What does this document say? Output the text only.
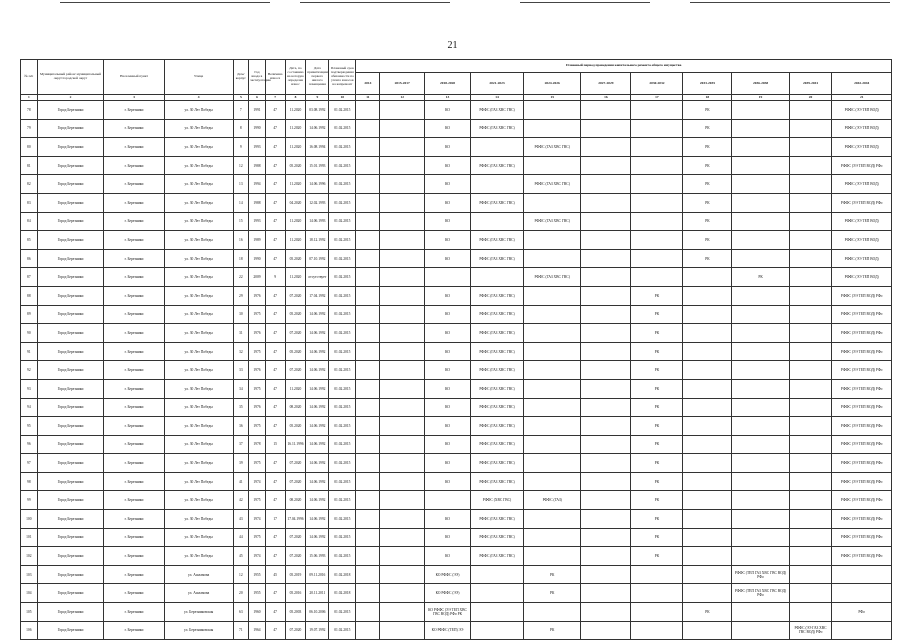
21
№ п/п	Муниципальный район/ муниципальный округ/городской округ	Населенный пункт	Улица	Дом/ корпус	Год ввода в эксплуатацию	Величина износа	Дата, по состоянию на которую определен износ	Дата приватизации первого жилого помещения	Плановый срок подтверждения обязанности по уплате взносов на капремонт	Плановый период проведения капитального ремонта общего имущества										
										2014	2015-2017	2018-2020	2021-2023	2024-2026	2027-2029	2030-2032	2033-2035	2036-2038	2039-2041	2042-2044
1	2	3	4	5	6	7	8	9	10	11	12	13	14	15	16	17	18	19	20	21
78	Город Березники	г. Березники	ул. 30 Лет Победы	7	1991	47	11.2020	03.08.1992	01.02.2015			КО	РФФС (ГАЗ ХВС ГВС)				РК			РФФС (ЭЭ ТЕП ВОД)
79	Город Березники	г. Березники	ул. 30 Лет Победы	8	1990	47	11.2020	14.06.1992	01.02.2015			КО	РФФС (ГАЗ ХВС ГВС)				РК			РФФС (ЭЭ ТЕП ВОД)
80	Город Березники	г. Березники	ул. 30 Лет Победы	9	1993	47	11.2020	16.08.1994	01.02.2015			КО		РФФС (ГАЗ ХВС ГВС)			РК			РФФС (ЭЭ ТЕП ВОД)
81	Город Березники	г. Березники	ул. 30 Лет Победы	12	1988	47	05.2020	15.01.1993	01.02.2015			КО	РФФС (ГАЗ ХВС ГВС)				РК			РФФС (ЭЭ ТЕП ВОД) РФо
82	Город Березники	г. Березники	ул. 30 Лет Победы	13	1994	47	11.2020	14.06.1996	01.02.2015			КО		РФФС (ГАЗ ХВС ГВС)			РК			РФФС (ЭЭ ТЕП ВОД)
83	Город Березники	г. Березники	ул. 30 Лет Победы	14	1988	47	04.2020	12.02.1993	01.02.2015			КО	РФФС (ГАЗ ХВС ГВС)				РК			РФФС (ЭЭ ТЕП ВОД) РФо
84	Город Березники	г. Березники	ул. 30 Лет Победы	15	1993	47	11.2020	14.06.1993	01.02.2015			КО		РФФС (ГАЗ ХВС ГВС)			РК			РФФС (ЭЭ ТЕП ВОД)
85	Город Березники	г. Березники	ул. 30 Лет Победы	16	1989	47	11.2020	18.12.1992	01.02.2015			КО	РФФС (ГАЗ ХВС ГВС)				РК			РФФС (ЭЭ ТЕП ВОД)
86	Город Березники	г. Березники	ул. 30 Лет Победы	18	1990	47	05.2020	07.10.1992	01.02.2015			КО	РФФС (ГАЗ ХВС ГВС)				РК			РФФС (ЭЭ ТЕП ВОД)
87	Город Березники	г. Березники	ул. 30 Лет Победы	22	2009	9	11.2020	отсутствует	01.02.2015					РФФС (ГАЗ ХВС ГВС)				РК		РФФС (ЭЭ ТЕП ВОД)
88	Город Березники	г. Березники	ул. 30 Лет Победы	29	1976	47	07.2020	17.04.1992	01.02.2015			КО	РФФС (ГАЗ ХВС ГВС)			РК				РФФС (ЭЭ ТЕП ВОД) РФо
89	Город Березники	г. Березники	ул. 30 Лет Победы	30	1975	47	05.2020	14.06.1992	01.02.2015			КО	РФФС (ГАЗ ХВС ГВС)			РК				РФФС (ЭЭ ТЕП ВОД) РФо
90	Город Березники	г. Березники	ул. 30 Лет Победы	31	1976	47	07.2020	14.06.1992	01.02.2015			КО	РФФС (ГАЗ ХВС ГВС)			РК				РФФС (ЭЭ ТЕП ВОД) РФо
91	Город Березники	г. Березники	ул. 30 Лет Победы	32	1975	47	05.2020	14.06.1992	01.02.2015			КО	РФФС (ГАЗ ХВС ГВС)			РК				РФФС (ЭЭ ТЕП ВОД) РФо
92	Город Березники	г. Березники	ул. 30 Лет Победы	33	1976	47	07.2020	14.06.1992	01.02.2015			КО	РФФС (ГАЗ ХВС ГВС)			РК				РФФС (ЭЭ ТЕП ВОД) РФо
93	Город Березники	г. Березники	ул. 30 Лет Победы	34	1975	47	11.2020	14.06.1992	01.02.2015			КО	РФФС (ГАЗ ХВС ГВС)			РК				РФФС (ЭЭ ТЕП ВОД) РФо
94	Город Березники	г. Березники	ул. 30 Лет Победы	35	1976	47	08.2020	14.06.1992	01.02.2015			КО	РФФС (ГАЗ ХВС ГВС)			РК				РФФС (ЭЭ ТЕП ВОД) РФо
95	Город Березники	г. Березники	ул. 30 Лет Победы	36	1975	47	05.2020	14.06.1992	01.02.2015			КО	РФФС (ГАЗ ХВС ГВС)			РК				РФФС (ЭЭ ТЕП ВОД) РФо
96	Город Березники	г. Березники	ул. 30 Лет Победы	37	1978	15	16.11.1996	14.06.1992	01.02.2015			КО	РФФС (ГАЗ ХВС ГВС)			РК				РФФС (ЭЭ ТЕП ВОД) РФо
97	Город Березники	г. Березники	ул. 30 Лет Победы	39	1975	47	07.2020	14.06.1992	01.02.2015			КО	РФФС (ГАЗ ХВС ГВС)			РК				РФФС (ЭЭ ТЕП ВОД) РФо
98	Город Березники	г. Березники	ул. 30 Лет Победы	41	1974	47	07.2020	14.06.1992	01.02.2015			КО	РФФС (ГАЗ ХВС ГВС)			РК				РФФС (ЭЭ ТЕП ВОД) РФо
99	Город Березники	г. Березники	ул. 30 Лет Победы	42	1975	47	08.2020	14.06.1992	01.02.2015				РФФС (ХВС ГВС)	РФФС (ГАЗ)		РК				РФФС (ЭЭ ТЕП ВОД) РФо
100	Город Березники	г. Березники	ул. 30 Лет Победы	43	1974	17	17.04.1996	14.06.1992	01.02.2015			КО	РФФС (ГАЗ ХВС ГВС)			РК				РФФС (ЭЭ ТЕП ВОД) РФо
101	Город Березники	г. Березники	ул. 30 Лет Победы	44	1975	47	07.2020	14.06.1992	01.02.2015			КО	РФФС (ГАЗ ХВС ГВС)			РК				РФФС (ЭЭ ТЕП ВОД) РФо
102	Город Березники	г. Березники	ул. 30 Лет Победы	45	1974	47	07.2020	15.06.1993	01.02.2015			КО	РФФС (ГАЗ ХВС ГВС)			РК				РФФС (ЭЭ ТЕП ВОД) РФо
103	Город Березники	г. Березники	ул. Ашламова	12	1955	45	05.2019	09.11.2016	01.02.2018			КО РФФС (ЭЭ)		РК				РФФС (ТЕП ГАЗ ХВС ГВС ВОД) РФо		
104	Город Березники	г. Березники	ул. Ашламова	20	1955	47	05.2016	20.11.2011	01.02.2018			КО РФФС (ЭЭ)		РК				РФФС (ТЕП ГАЗ ХВС ГВС ВОД) РФо		
105	Город Березники	г. Березники	ул. Березниковская	63	1960	47	05.2003	06.10.2006	01.02.2015			КО РФФС (ЭЭ ТЕП ХВС ГВС ВОД) РФо РК					РК			РФо
106	Город Березники	г. Березники	ул. Березниковская	71	1964	47	07.2020	19.07.1992	01.02.2015			КО РФФС (ТЕП) ЭЭ		РК					РФФС (ЭЭ ГАЗ ХВС ГВС ВОД) РФо	
